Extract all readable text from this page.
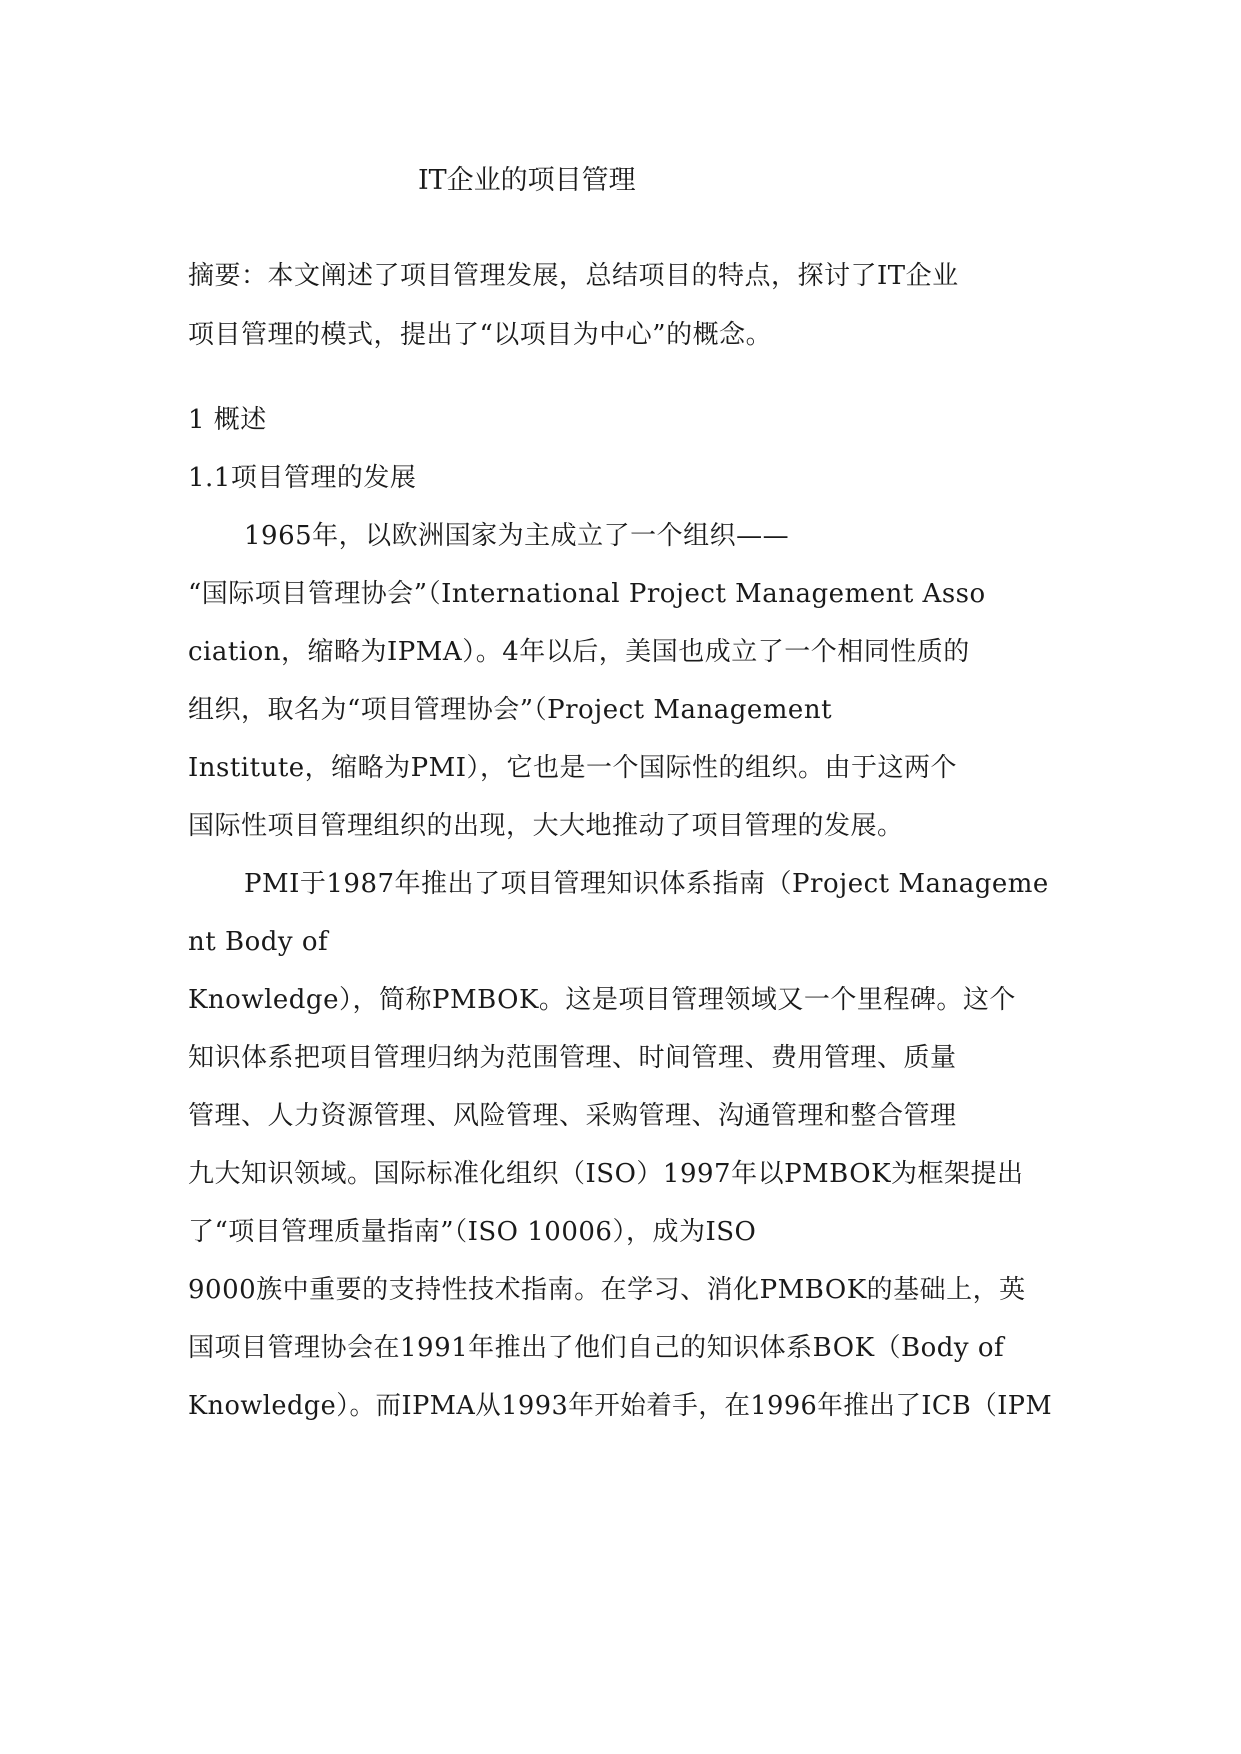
IT企业的项目管理
摘要：本文阐述了项目管理发展，总结项目的特点，探讨了IT企业
项目管理的模式，提出了“以项目为中心”的概念。
1 概述
1.1项目管理的发展
1965年，以欧洲国家为主成立了一个组织——
“国际项目管理协会”（International Project Management Asso
ciation，缩略为IPMA）。4年以后，美国也成立了一个相同性质的
组织，取名为“项目管理协会”（Project Management
Institute，缩略为PMI），它也是一个国际性的组织。由于这两个
国际性项目管理组织的出现，大大地推动了项目管理的发展。
PMI于1987年推出了项目管理知识体系指南（Project Manageme
nt Body of
Knowledge），简称PMBOK。这是项目管理领域又一个里程碑。这个
知识体系把项目管理归纳为范围管理、时间管理、费用管理、质量
管理、人力资源管理、风险管理、采购管理、沟通管理和整合管理
九大知识领域。国际标准化组织（ISO）1997年以PMBOK为框架提出
了“项目管理质量指南”（ISO 10006），成为ISO
9000族中重要的支持性技术指南。在学习、消化PMBOK的基础上，英
国项目管理协会在1991年推出了他们自己的知识体系BOK（Body of
Knowledge）。而IPMA从1993年开始着手，在1996年推出了ICB（IPM
